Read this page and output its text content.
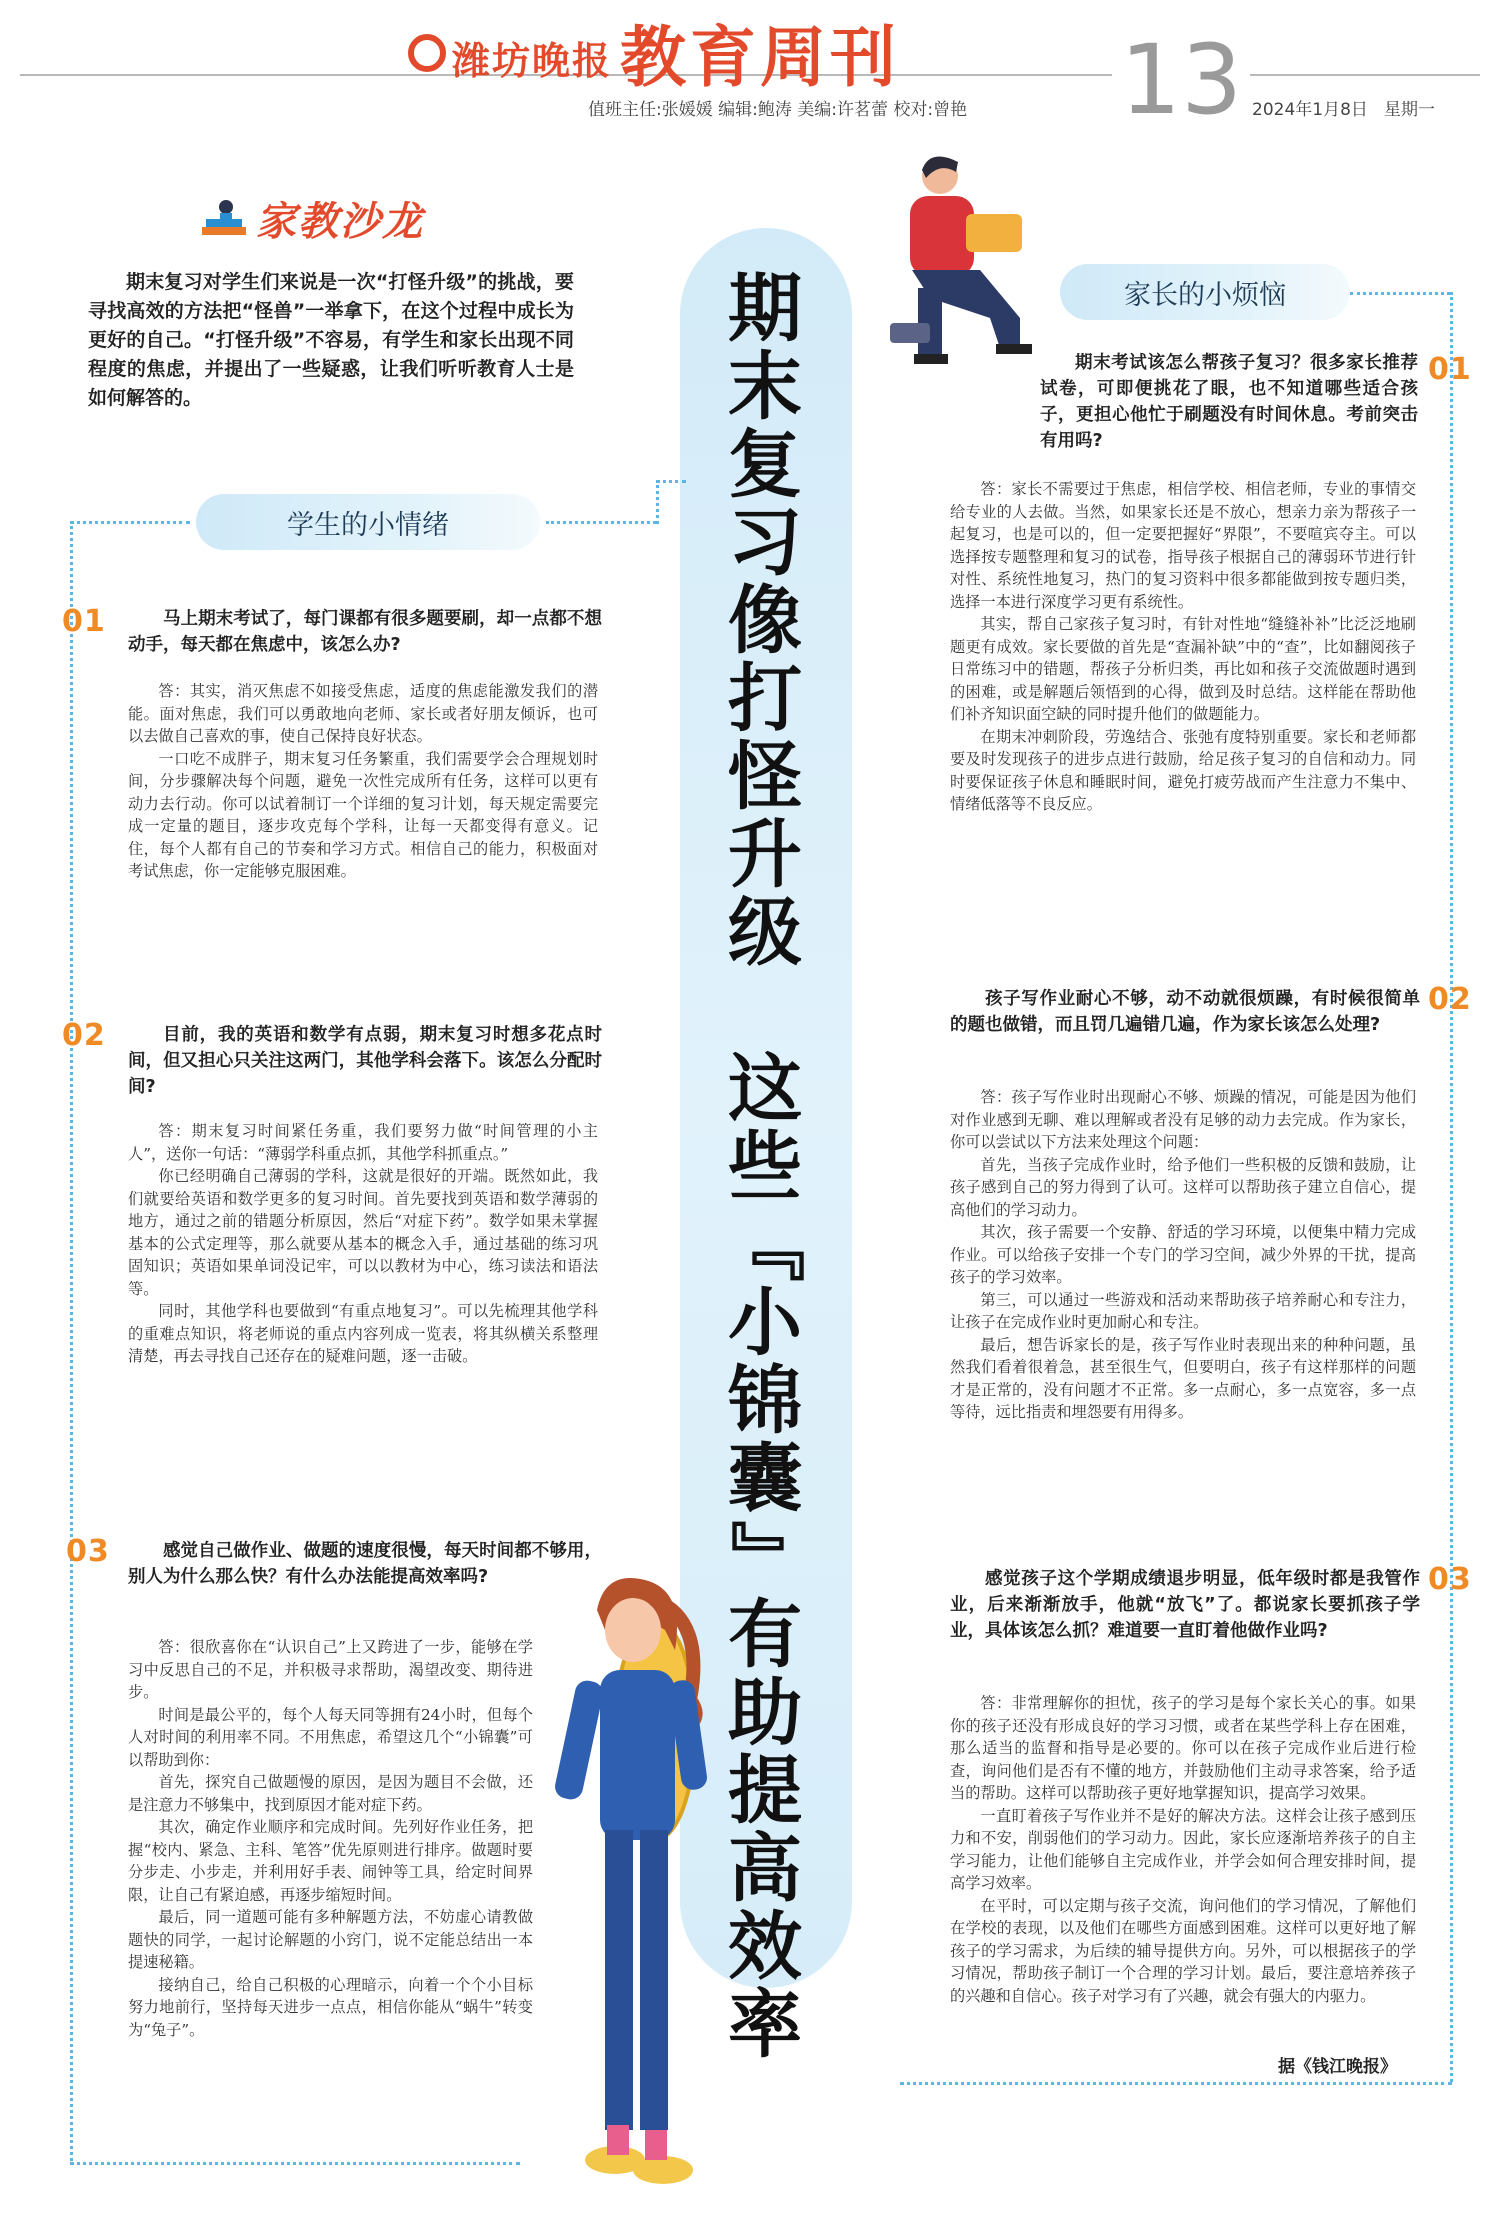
潍坊晚报 教育周刊 13
值班主任:张媛媛 编辑:鲍涛 美编:许茗蕾 校对:曾艳	2024年1月8日 星期一
家教沙龙
期末复习对学生们来说是一次“打怪升级”的挑战，要寻找高效的方法把“怪兽”一举拿下，在这个过程中成长为更好的自己。“打怪升级”不容易，有学生和家长出现不同程度的焦虑，并提出了一些疑惑，让我们听听教育人士是如何解答的。
期
末
复
习
像
打
怪
升
级

这
些
『
小
锦
囊
』
有
助
提
高
效
率
学生的小情绪
01	马上期末考试了，每门课都有很多题要刷，却一点都不想动手，每天都在焦虑中，该怎么办?

答：其实，消灭焦虑不如接受焦虑，适度的焦虑能激发我们的潜能。面对焦虑，我们可以勇敢地向老师、家长或者好朋友倾诉，也可以去做自己喜欢的事，使自己保持良好状态。

一口吃不成胖子，期末复习任务繁重，我们需要学会合理规划时间，分步骤解决每个问题，避免一次性完成所有任务，这样可以更有动力去行动。你可以试着制订一个详细的复习计划，每天规定需要完成一定量的题目，逐步攻克每个学科，让每一天都变得有意义。记住，每个人都有自己的节奏和学习方式。相信自己的能力，积极面对考试焦虑，你一定能够克服困难。

02	目前，我的英语和数学有点弱，期末复习时想多花点时间，但又担心只关注这两门，其他学科会落下。该怎么分配时间?

答：期末复习时间紧任务重，我们要努力做“时间管理的小主人”，送你一句话：“薄弱学科重点抓，其他学科抓重点。”

你已经明确自己薄弱的学科，这就是很好的开端。既然如此，我们就要给英语和数学更多的复习时间。首先要找到英语和数学薄弱的地方，通过之前的错题分析原因，然后“对症下药”。数学如果未掌握基本的公式定理等，那么就要从基本的概念入手，通过基础的练习巩固知识；英语如果单词没记牢，可以以教材为中心，练习读法和语法等。

同时，其他学科也要做到“有重点地复习”。可以先梳理其他学科的重难点知识，将老师说的重点内容列成一览表，将其纵横关系整理清楚，再去寻找自己还存在的疑难问题，逐一击破。

03	感觉自己做作业、做题的速度很慢，每天时间都不够用，别人为什么那么快？有什么办法能提高效率吗?

答：很欣喜你在“认识自己”上又跨进了一步，能够在学习中反思自己的不足，并积极寻求帮助，渴望改变、期待进步。

时间是最公平的，每个人每天同等拥有24小时，但每个人对时间的利用率不同。不用焦虑，希望这几个“小锦囊”可以帮助到你：

首先，探究自己做题慢的原因，是因为题目不会做，还是注意力不够集中，找到原因才能对症下药。

其次，确定作业顺序和完成时间。先列好作业任务，把握“校内、紧急、主科、笔答”优先原则进行排序。做题时要分步走、小步走，并利用好手表、闹钟等工具，给定时间界限，让自己有紧迫感，再逐步缩短时间。

最后，同一道题可能有多种解题方法，不妨虚心请教做题快的同学，一起讨论解题的小窍门，说不定能总结出一本提速秘籍。

接纳自己，给自己积极的心理暗示，向着一个个小目标努力地前行，坚持每天进步一点点，相信你能从“蜗牛”转变为“兔子”。

家长的小烦恼
01
期末考试该怎么帮孩子复习？很多家长推荐试卷，可即便挑花了眼，也不知道哪些适合孩子，更担心他忙于刷题没有时间休息。考前突击有用吗?

答：家长不需要过于焦虑，相信学校、相信老师，专业的事情交给专业的人去做。当然，如果家长还是不放心，想亲力亲为帮孩子一起复习，也是可以的，但一定要把握好“界限”，不要喧宾夺主。可以选择按专题整理和复习的试卷，指导孩子根据自己的薄弱环节进行针对性、系统性地复习，热门的复习资料中很多都能做到按专题归类，选择一本进行深度学习更有系统性。

其实，帮自己家孩子复习时，有针对性地“缝缝补补”比泛泛地刷题更有成效。家长要做的首先是“查漏补缺”中的“查”，比如翻阅孩子日常练习中的错题，帮孩子分析归类，再比如和孩子交流做题时遇到的困难，或是解题后领悟到的心得，做到及时总结。这样能在帮助他们补齐知识面空缺的同时提升他们的做题能力。

在期末冲刺阶段，劳逸结合、张弛有度特别重要。家长和老师都要及时发现孩子的进步点进行鼓励，给足孩子复习的自信和动力。同时要保证孩子休息和睡眠时间，避免打疲劳战而产生注意力不集中、情绪低落等不良反应。

02
孩子写作业耐心不够，动不动就很烦躁，有时候很简单的题也做错，而且罚几遍错几遍，作为家长该怎么处理?

答：孩子写作业时出现耐心不够、烦躁的情况，可能是因为他们对作业感到无聊、难以理解或者没有足够的动力去完成。作为家长，你可以尝试以下方法来处理这个问题：

首先，当孩子完成作业时，给予他们一些积极的反馈和鼓励，让孩子感到自己的努力得到了认可。这样可以帮助孩子建立自信心，提高他们的学习动力。

其次，孩子需要一个安静、舒适的学习环境，以便集中精力完成作业。可以给孩子安排一个专门的学习空间，减少外界的干扰，提高孩子的学习效率。

第三，可以通过一些游戏和活动来帮助孩子培养耐心和专注力，让孩子在完成作业时更加耐心和专注。

最后，想告诉家长的是，孩子写作业时表现出来的种种问题，虽然我们看着很着急，甚至很生气，但要明白，孩子有这样那样的问题才是正常的，没有问题才不正常。多一点耐心，多一点宽容，多一点等待，远比指责和埋怨要有用得多。

03
感觉孩子这个学期成绩退步明显，低年级时都是我管作业，后来渐渐放手，他就“放飞”了。都说家长要抓孩子学业，具体该怎么抓？难道要一直盯着他做作业吗?

答：非常理解你的担忧，孩子的学习是每个家长关心的事。如果你的孩子还没有形成良好的学习习惯，或者在某些学科上存在困难，那么适当的监督和指导是必要的。你可以在孩子完成作业后进行检查，询问他们是否有不懂的地方，并鼓励他们主动寻求答案，给予适当的帮助。这样可以帮助孩子更好地掌握知识，提高学习效果。

一直盯着孩子写作业并不是好的解决方法。这样会让孩子感到压力和不安，削弱他们的学习动力。因此，家长应逐渐培养孩子的自主学习能力，让他们能够自主完成作业，并学会如何合理安排时间，提高学习效率。

在平时，可以定期与孩子交流，询问他们的学习情况，了解他们在学校的表现，以及他们在哪些方面感到困难。这样可以更好地了解孩子的学习需求，为后续的辅导提供方向。另外，可以根据孩子的学习情况，帮助孩子制订一个合理的学习计划。最后，要注意培养孩子的兴趣和自信心。孩子对学习有了兴趣，就会有强大的内驱力。

据《钱江晚报》
